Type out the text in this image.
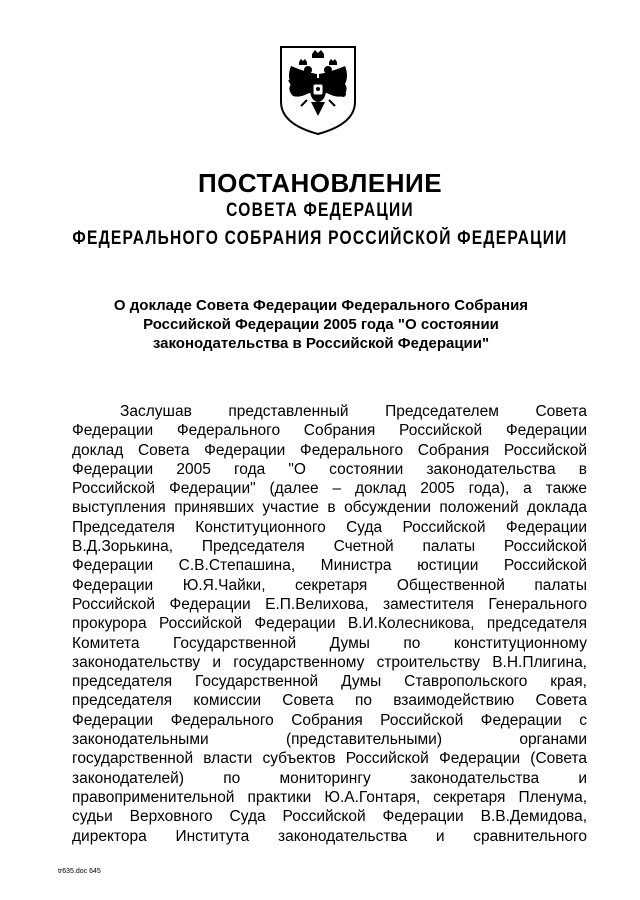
ПОСТАНОВЛЕНИЕ
СОВЕТА ФЕДЕРАЦИИ
ФЕДЕРАЛЬНОГО СОБРАНИЯ РОССИЙСКОЙ ФЕДЕРАЦИИ
О докладе Совета Федерации Федерального Собрания
Российской Федерации 2005 года "О состоянии
законодательства в Российской Федерации"
Заслушав представленный Председателем Совета
Федерации Федерального Собрания Российской Федерации
доклад Совета Федерации Федерального Собрания Российской
Федерации 2005 года "О состоянии законодательства в
Российской Федерации" (далее – доклад 2005 года), а также
выступления принявших участие в обсуждении положений доклада
Председателя Конституционного Суда Российской Федерации
В.Д.Зорькина, Председателя Счетной палаты Российской
Федерации С.В.Степашина, Министра юстиции Российской
Федерации Ю.Я.Чайки, секретаря Общественной палаты
Российской Федерации Е.П.Велихова, заместителя Генерального
прокурора Российской Федерации В.И.Колесникова, председателя
Комитета Государственной Думы по конституционному
законодательству и государственному строительству В.Н.Плигина,
председателя Государственной Думы Ставропольского края,
председателя комиссии Совета по взаимодействию Совета
Федерации Федерального Собрания Российской Федерации с
законодательными (представительными) органами
государственной власти субъектов Российской Федерации (Совета
законодателей) по мониторингу законодательства и
правоприменительной практики Ю.А.Гонтаря, секретаря Пленума,
судьи Верховного Суда Российской Федерации В.В.Демидова,
директора Института законодательства и сравнительного
tr635.doc 645
